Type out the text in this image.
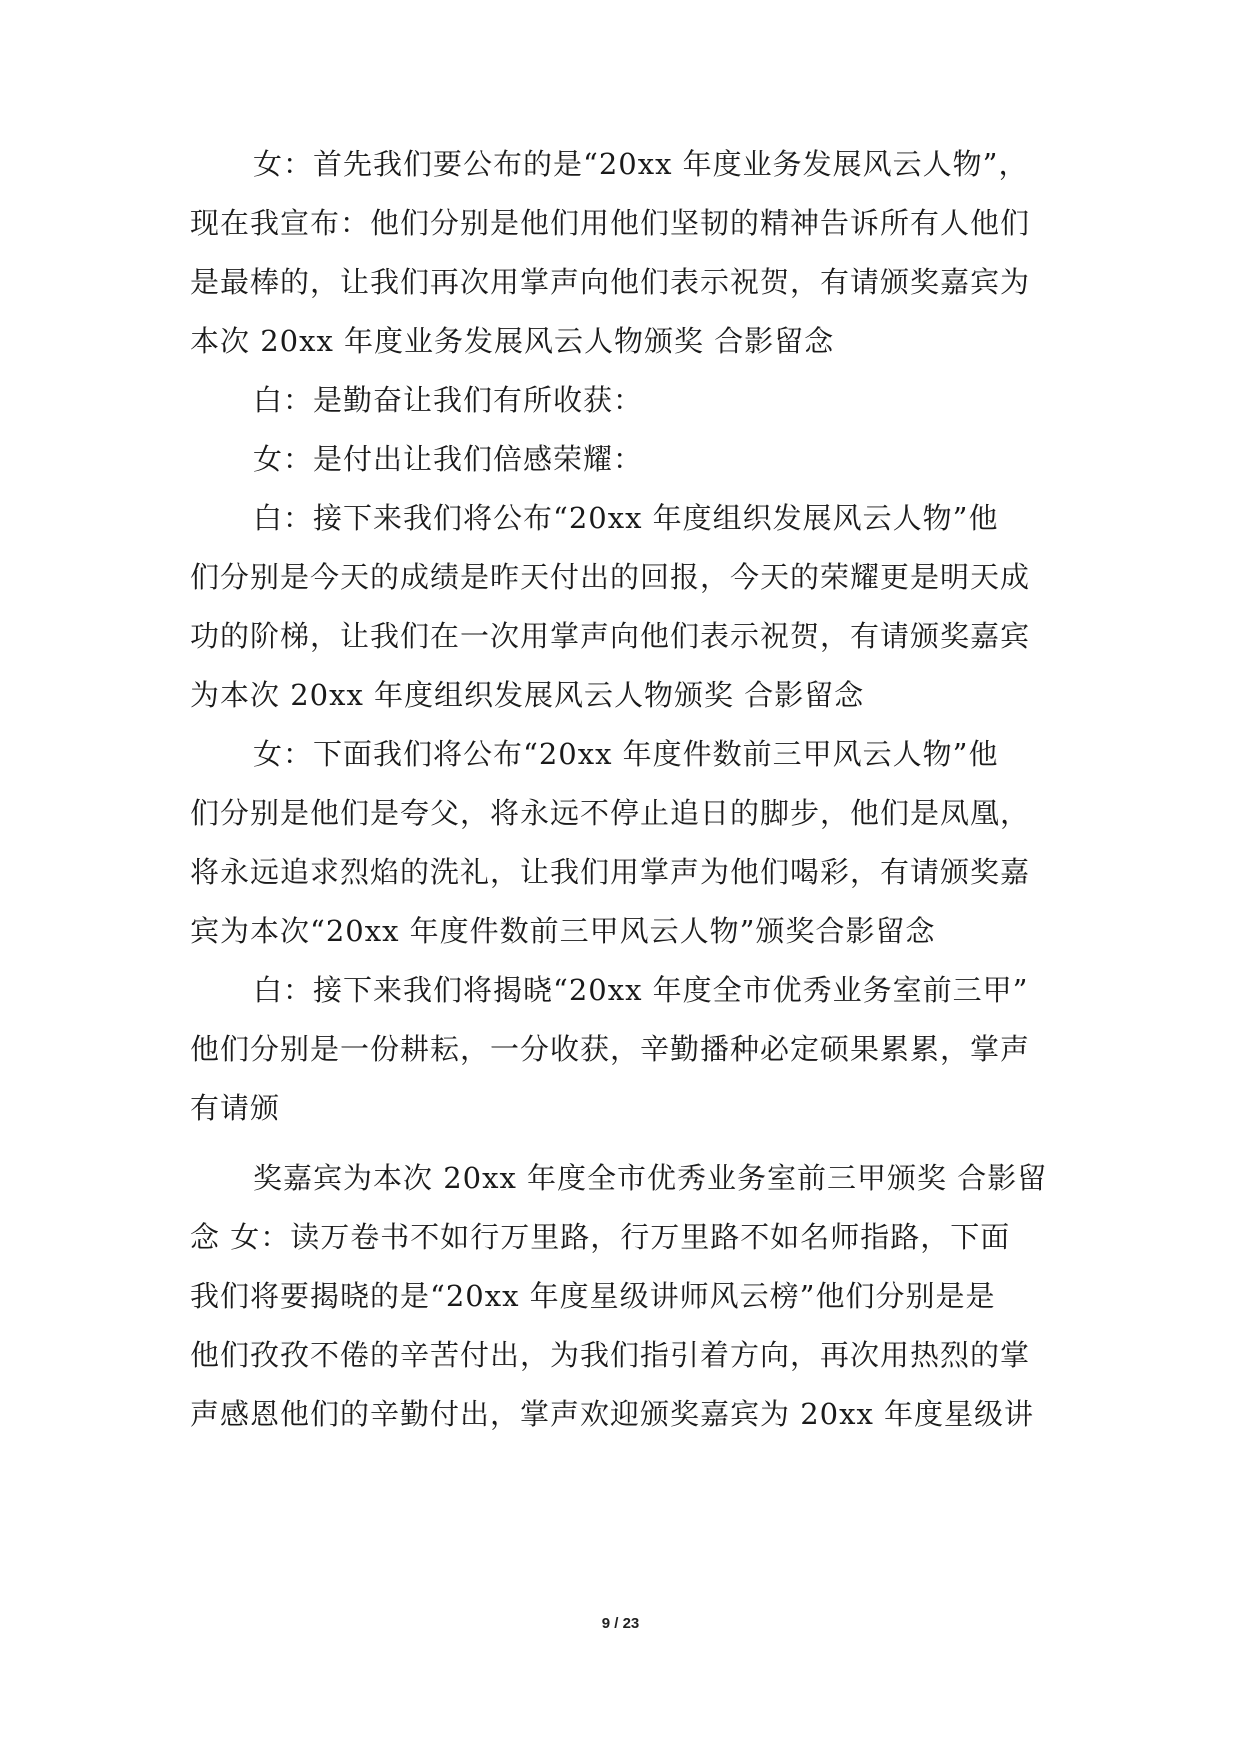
女：首先我们要公布的是“20xx 年度业务发展风云人物”，
现在我宣布：他们分别是他们用他们坚韧的精神告诉所有人他们
是最棒的，让我们再次用掌声向他们表示祝贺，有请颁奖嘉宾为
本次 20xx 年度业务发展风云人物颁奖 合影留念
白：是勤奋让我们有所收获：
女：是付出让我们倍感荣耀：
白：接下来我们将公布“20xx 年度组织发展风云人物”他
们分别是今天的成绩是昨天付出的回报，今天的荣耀更是明天成
功的阶梯，让我们在一次用掌声向他们表示祝贺，有请颁奖嘉宾
为本次 20xx 年度组织发展风云人物颁奖 合影留念
女：下面我们将公布“20xx 年度件数前三甲风云人物”他
们分别是他们是夸父，将永远不停止追日的脚步，他们是凤凰，
将永远追求烈焰的洗礼，让我们用掌声为他们喝彩，有请颁奖嘉
宾为本次“20xx 年度件数前三甲风云人物”颁奖合影留念
白：接下来我们将揭晓“20xx 年度全市优秀业务室前三甲”
他们分别是一份耕耘，一分收获，辛勤播种必定硕果累累，掌声
有请颁
奖嘉宾为本次 20xx 年度全市优秀业务室前三甲颁奖 合影留
念 女：读万卷书不如行万里路，行万里路不如名师指路，下面
我们将要揭晓的是“20xx 年度星级讲师风云榜”他们分别是是
他们孜孜不倦的辛苦付出，为我们指引着方向，再次用热烈的掌
声感恩他们的辛勤付出，掌声欢迎颁奖嘉宾为 20xx 年度星级讲
9 / 23
